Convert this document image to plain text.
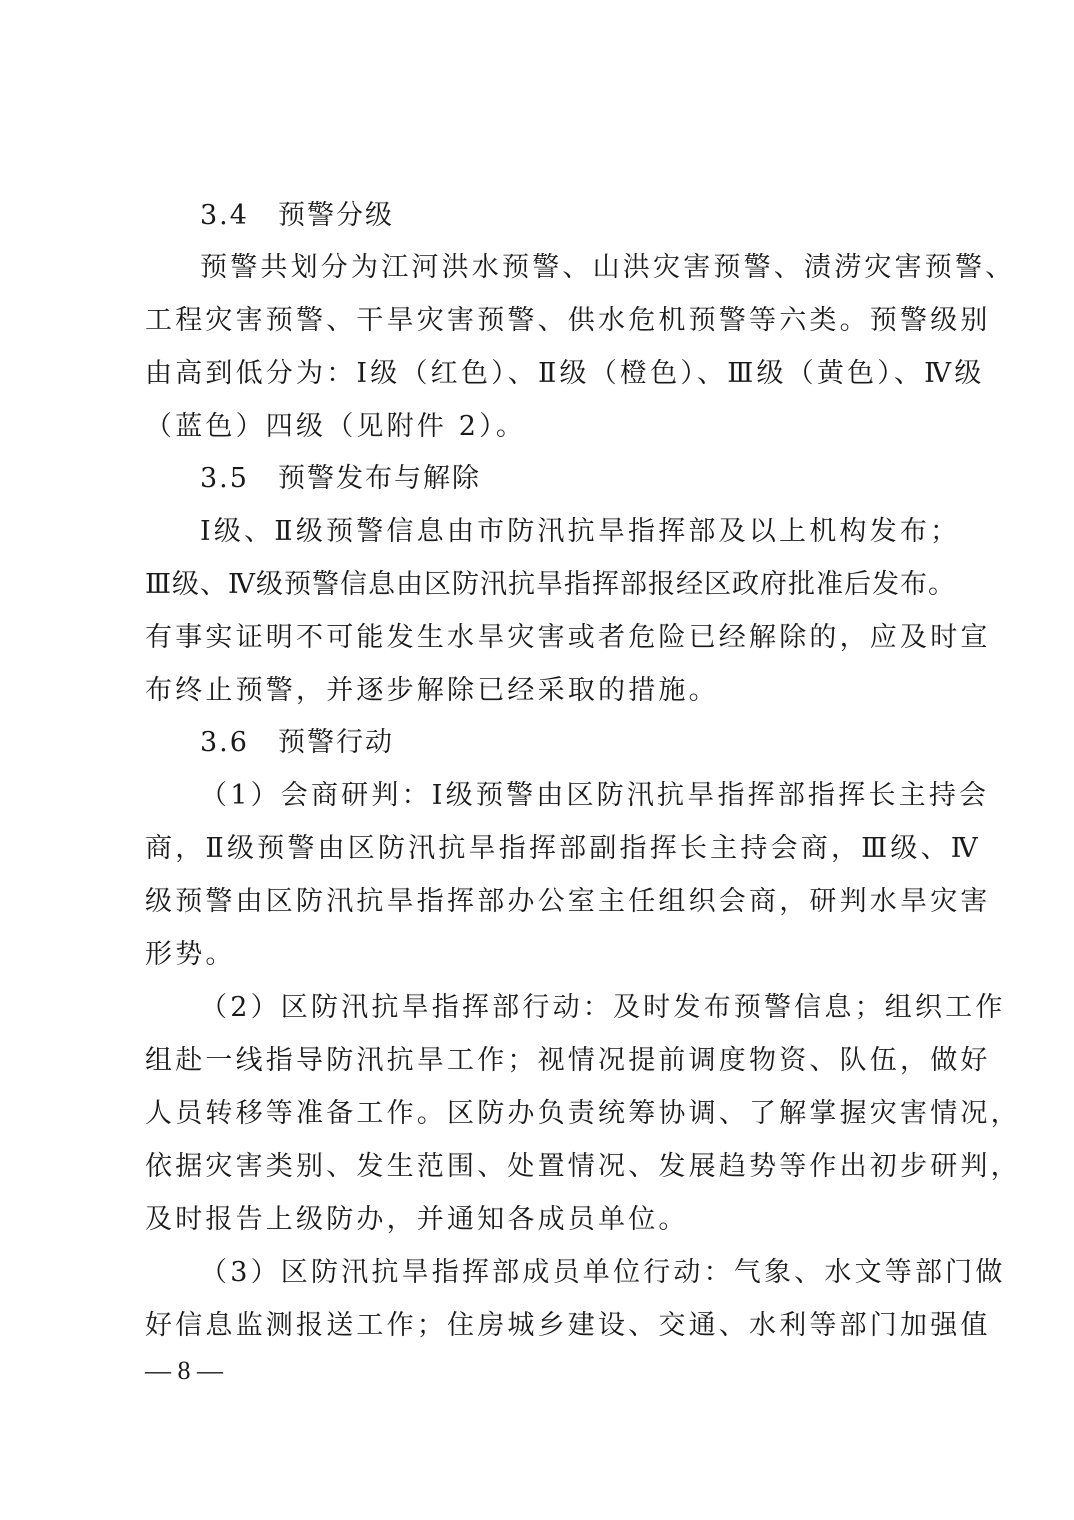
3.4　预警分级
预警共划分为江河洪水预警、山洪灾害预警、渍涝灾害预警、
工程灾害预警、干旱灾害预警、供水危机预警等六类。预警级别
由高到低分为：Ⅰ级（红色）、Ⅱ级（橙色）、Ⅲ级（黄色）、Ⅳ级
（蓝色）四级（见附件 2）。
3.5　预警发布与解除
Ⅰ级、Ⅱ级预警信息由市防汛抗旱指挥部及以上机构发布；
Ⅲ级、Ⅳ级预警信息由区防汛抗旱指挥部报经区政府批准后发布。
有事实证明不可能发生水旱灾害或者危险已经解除的，应及时宣
布终止预警，并逐步解除已经采取的措施。
3.6　预警行动
（1）会商研判：Ⅰ级预警由区防汛抗旱指挥部指挥长主持会
商，Ⅱ级预警由区防汛抗旱指挥部副指挥长主持会商，Ⅲ级、Ⅳ
级预警由区防汛抗旱指挥部办公室主任组织会商，研判水旱灾害
形势。
（2）区防汛抗旱指挥部行动：及时发布预警信息；组织工作
组赴一线指导防汛抗旱工作；视情况提前调度物资、队伍，做好
人员转移等准备工作。区防办负责统筹协调、了解掌握灾害情况，
依据灾害类别、发生范围、处置情况、发展趋势等作出初步研判，
及时报告上级防办，并通知各成员单位。
（3）区防汛抗旱指挥部成员单位行动：气象、水文等部门做
好信息监测报送工作；住房城乡建设、交通、水利等部门加强值
— 8 —
